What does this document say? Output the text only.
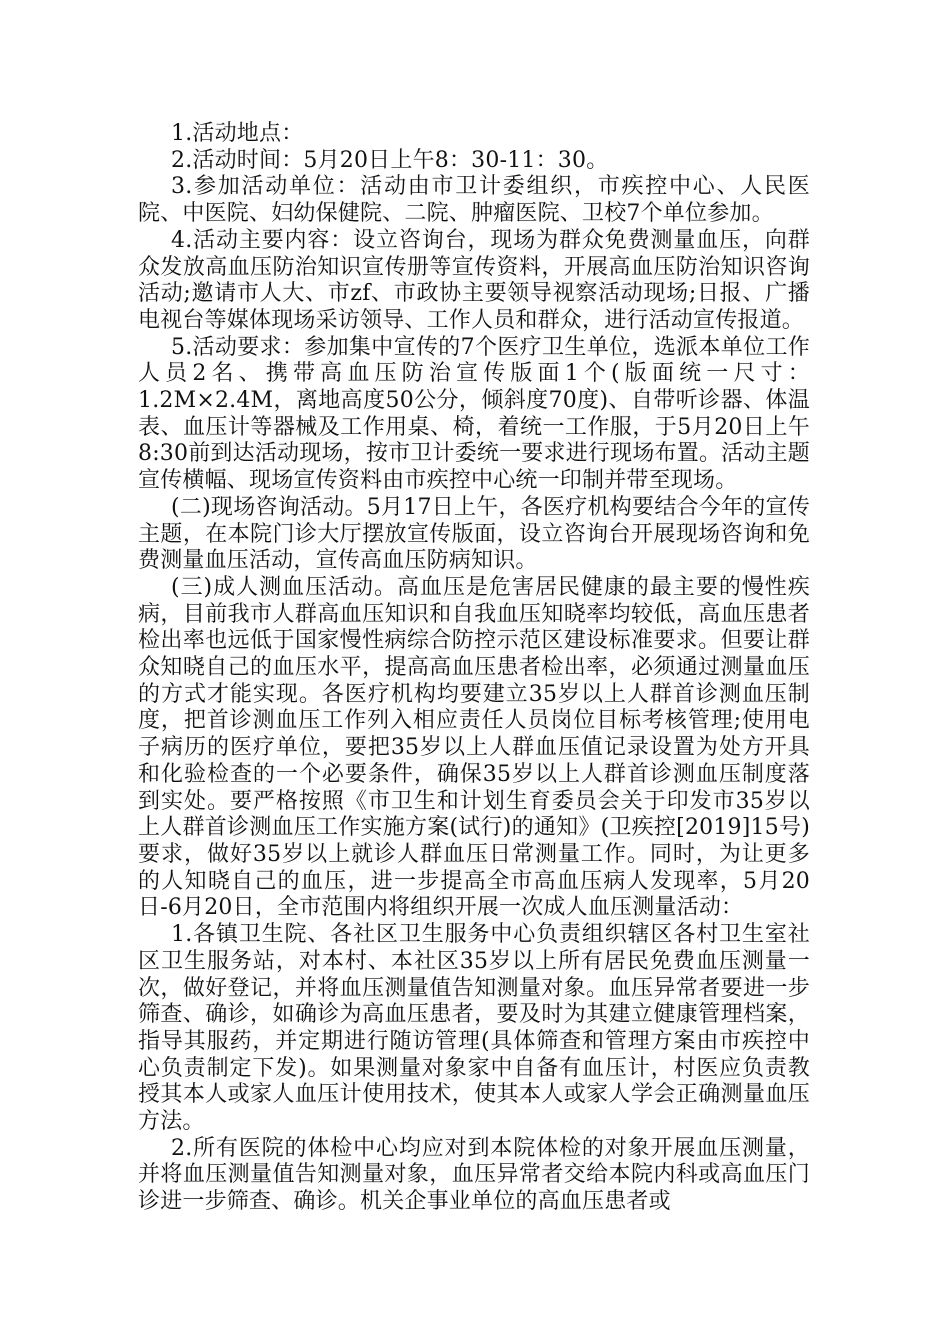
1.活动地点：

2.活动时间：5月20日上午8：30-11：30。

3.参加活动单位：活动由市卫计委组织，市疾控中心、人民医院、中医院、妇幼保健院、二院、肿瘤医院、卫校7个单位参加。

4.活动主要内容：设立咨询台，现场为群众免费测量血压，向群众发放高血压防治知识宣传册等宣传资料，开展高血压防治知识咨询活动;邀请市人大、市zf、市政协主要领导视察活动现场;日报、广播电视台等媒体现场采访领导、工作人员和群众，进行活动宣传报道。

5.活动要求：参加集中宣传的7个医疗卫生单位，选派本单位工作人员2名、携带高血压防治宣传版面1个(版面统一尺寸：1.2M×2.4M，离地高度50公分，倾斜度70度)、自带听诊器、体温表、血压计等器械及工作用桌、椅，着统一工作服，于5月20日上午8:30前到达活动现场，按市卫计委统一要求进行现场布置。活动主题宣传横幅、现场宣传资料由市疾控中心统一印制并带至现场。

(二)现场咨询活动。5月17日上午，各医疗机构要结合今年的宣传主题，在本院门诊大厅摆放宣传版面，设立咨询台开展现场咨询和免费测量血压活动，宣传高血压防病知识。

(三)成人测血压活动。高血压是危害居民健康的最主要的慢性疾病，目前我市人群高血压知识和自我血压知晓率均较低，高血压患者检出率也远低于国家慢性病综合防控示范区建设标准要求。但要让群众知晓自己的血压水平，提高高血压患者检出率，必须通过测量血压的方式才能实现。各医疗机构均要建立35岁以上人群首诊测血压制度，把首诊测血压工作列入相应责任人员岗位目标考核管理;使用电子病历的医疗单位，要把35岁以上人群血压值记录设置为处方开具和化验检查的一个必要条件，确保35岁以上人群首诊测血压制度落到实处。要严格按照《市卫生和计划生育委员会关于印发市35岁以上人群首诊测血压工作实施方案(试行)的通知》(卫疾控[2019]15号)要求，做好35岁以上就诊人群血压日常测量工作。同时，为让更多的人知晓自己的血压，进一步提高全市高血压病人发现率，5月20日-6月20日，全市范围内将组织开展一次成人血压测量活动：

1.各镇卫生院、各社区卫生服务中心负责组织辖区各村卫生室社区卫生服务站，对本村、本社区35岁以上所有居民免费血压测量一次，做好登记，并将血压测量值告知测量对象。血压异常者要进一步筛查、确诊，如确诊为高血压患者，要及时为其建立健康管理档案，指导其服药，并定期进行随访管理(具体筛查和管理方案由市疾控中心负责制定下发)。如果测量对象家中自备有血压计，村医应负责教授其本人或家人血压计使用技术，使其本人或家人学会正确测量血压方法。

2.所有医院的体检中心均应对到本院体检的对象开展血压测量，并将血压测量值告知测量对象，血压异常者交给本院内科或高血压门诊进一步筛查、确诊。机关企事业单位的高血压患者或
